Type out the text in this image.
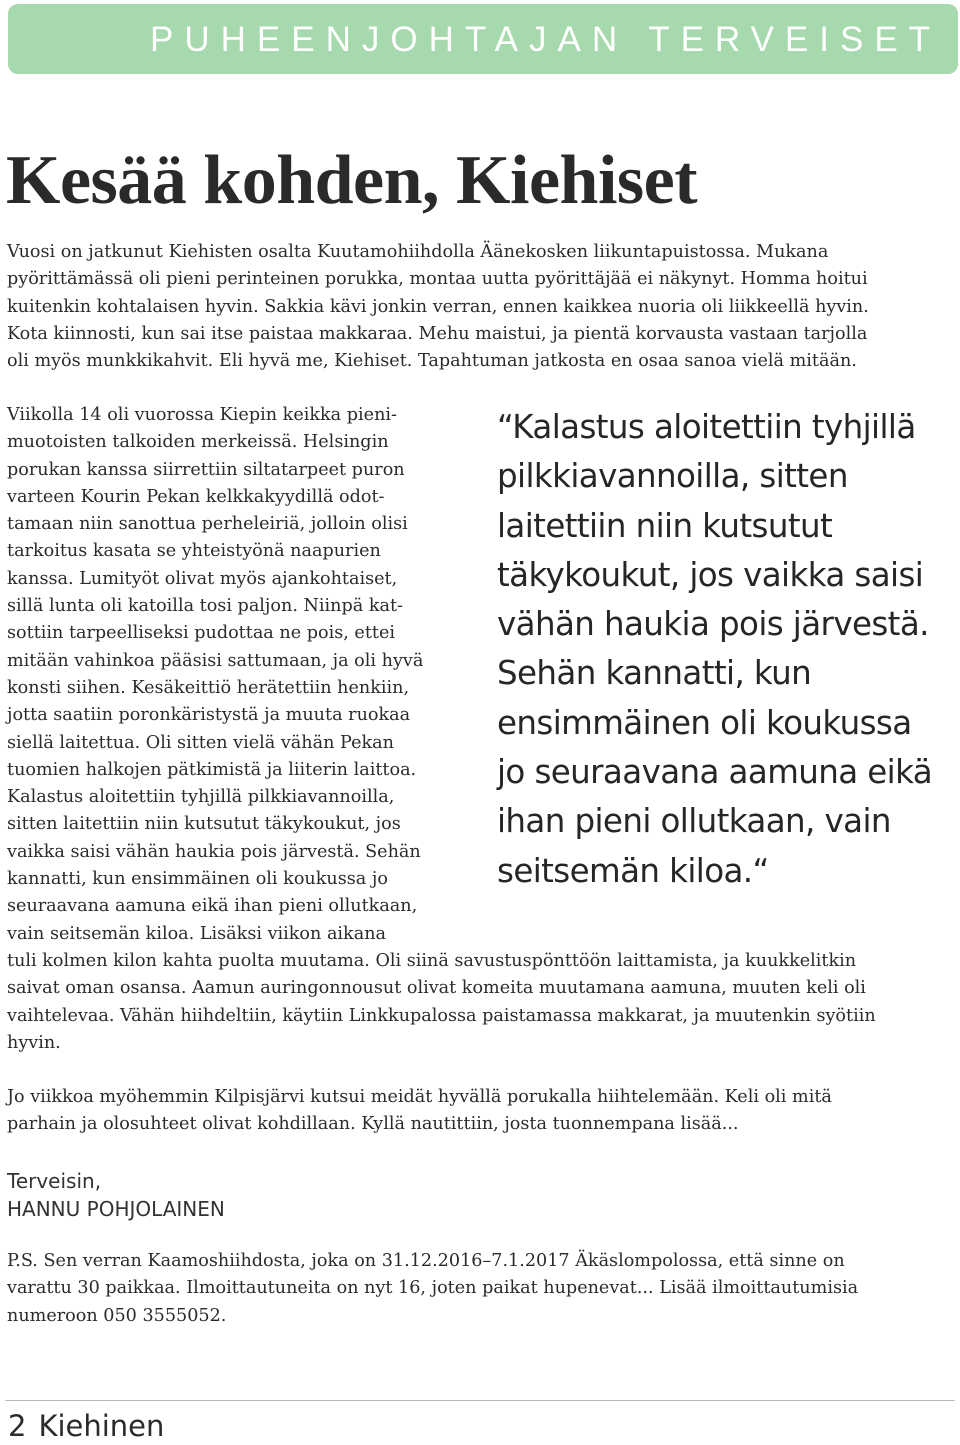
PUHEENJOHTAJAN TERVEISET
Kesää kohden, Kiehiset
Vuosi on jatkunut Kiehisten osalta Kuutamohiihdolla Äänekosken liikuntapuistossa. Mukana
pyörittämässä oli pieni perinteinen porukka, montaa uutta pyörittäjää ei näkynyt. Homma hoitui
kuitenkin kohtalaisen hyvin. Sakkia kävi jonkin verran, ennen kaikkea nuoria oli liikkeellä hyvin.
Kota kiinnosti, kun sai itse paistaa makkaraa. Mehu maistui, ja pientä korvausta vastaan tarjolla
oli myös munkkikahvit. Eli hyvä me, Kiehiset. Tapahtuman jatkosta en osaa sanoa vielä mitään.
Viikolla 14 oli vuorossa Kiepin keikka pieni-
muotoisten talkoiden merkeissä. Helsingin
porukan kanssa siirrettiin siltatarpeet puron
varteen Kourin Pekan kelkkakyydillä odot-
tamaan niin sanottua perheleiriä, jolloin olisi
tarkoitus kasata se yhteistyönä naapurien
kanssa. Lumityöt olivat myös ajankohtaiset,
sillä lunta oli katoilla tosi paljon. Niinpä kat-
sottiin tarpeelliseksi pudottaa ne pois, ettei
mitään vahinkoa pääsisi sattumaan, ja oli hyvä
konsti siihen. Kesäkeittiö herätettiin henkiin,
jotta saatiin poronkäristystä ja muuta ruokaa
siellä laitettua. Oli sitten vielä vähän Pekan
tuomien halkojen pätkimistä ja liiterin laittoa.
Kalastus aloitettiin tyhjillä pilkkiavannoilla,
sitten laitettiin niin kutsutut täkykoukut, jos
vaikka saisi vähän haukia pois järvestä. Sehän
kannatti, kun ensimmäinen oli koukussa jo
seuraavana aamuna eikä ihan pieni ollutkaan,
vain seitsemän kiloa. Lisäksi viikon aikana
“Kalastus aloitettiin tyhjillä
pilkkiavannoilla, sitten
laitettiin niin kutsutut
täkykoukut, jos vaikka saisi
vähän haukia pois järvestä.
Sehän kannatti, kun
ensimmäinen oli koukussa
jo seuraavana aamuna eikä
ihan pieni ollutkaan, vain
seitsemän kiloa.“
tuli kolmen kilon kahta puolta muutama. Oli siinä savustuspönttöön laittamista, ja kuukkelitkin
saivat oman osansa. Aamun auringonnousut olivat komeita muutamana aamuna, muuten keli oli
vaihtelevaa. Vähän hiihdeltiin, käytiin Linkkupalossa paistamassa makkarat, ja muutenkin syötiin
hyvin.
Jo viikkoa myöhemmin Kilpisjärvi kutsui meidät hyvällä porukalla hiihtelemään. Keli oli mitä
parhain ja olosuhteet olivat kohdillaan. Kyllä nautittiin, josta tuonnempana lisää...
Terveisin,
HANNU POHJOLAINEN
P.S. Sen verran Kaamoshiihdosta, joka on 31.12.2016–7.1.2017 Äkäslompolossa, että sinne on
varattu 30 paikkaa. Ilmoittautuneita on nyt 16, joten paikat hupenevat... Lisää ilmoittautumisia
numeroon 050 3555052.
2 Kiehinen
